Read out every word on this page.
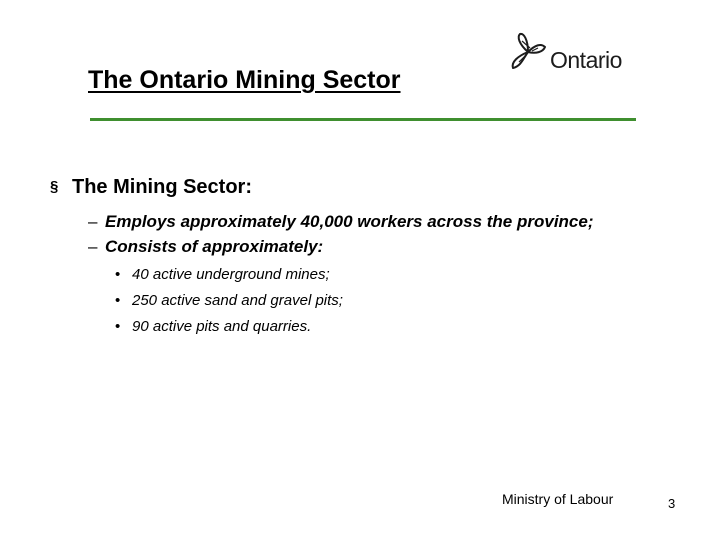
The Ontario Mining Sector
Ontario
§ The Mining Sector:
– Employs approximately 40,000 workers across the province;
– Consists of approximately:
• 40 active underground mines;
• 250 active sand and gravel pits;
• 90 active pits and quarries.
Ministry of Labour	3
